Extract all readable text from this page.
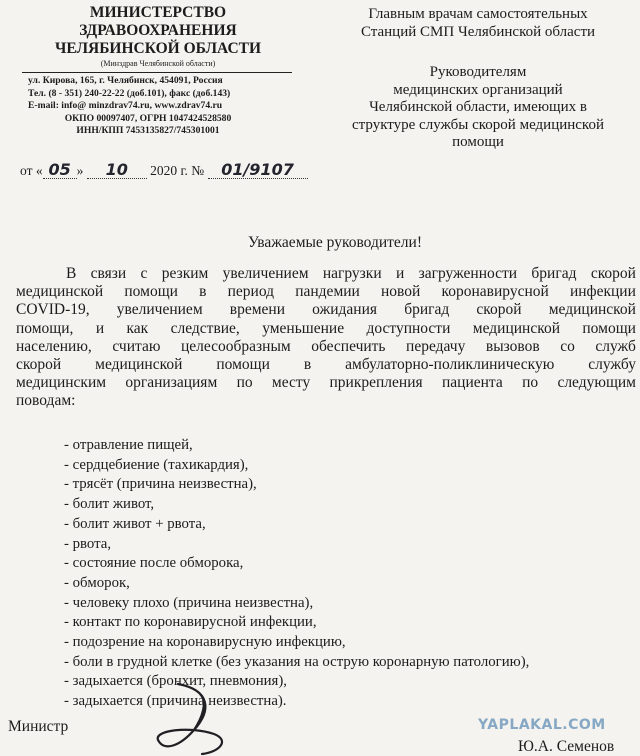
МИНИСТЕРСТВО
ЗДРАВООХРАНЕНИЯ
ЧЕЛЯБИНСКОЙ ОБЛАСТИ
(Минздрав Челябинской области)
ул. Кирова, 165, г. Челябинск, 454091, Россия
Тел. (8 - 351) 240-22-22 (доб.101), факс (доб.143)
E-mail: info@ minzdrav74.ru, www.zdrav74.ru
ОКПО 00097407, ОГРН 1047424528580
ИНН/КПП 7453135827/745301001
от « 05 » 10 2020 г. № 01/9107
Главным врачам самостоятельных
Станций СМП Челябинской области
Руководителям
медицинских организаций
Челябинской области, имеющих в
структуре службы скорой медицинской
помощи
Уважаемые руководители!
В связи с резким увеличением нагрузки и загруженности бригад скорой
медицинской помощи в период пандемии новой коронавирусной инфекции
COVID-19, увеличением времени ожидания бригад скорой медицинской
помощи, и как следствие, уменьшение доступности медицинской помощи
населению, считаю целесообразным обеспечить передачу вызовов со служб
скорой медицинской помощи в амбулаторно-поликлиническую службу
медицинским организациям по месту прикрепления пациента по следующим
поводам:
- отравление пищей,
- сердцебиение (тахикардия),
- трясёт (причина неизвестна),
- болит живот,
- болит живот + рвота,
- рвота,
- состояние после обморока,
- обморок,
- человеку плохо (причина неизвестна),
- контакт по коронавирусной инфекции,
- подозрение на коронавирусную инфекцию,
- боли в грудной клетке (без указания на острую коронарную патологию),
- задыхается (бронхит, пневмония),
- задыхается (причина неизвестна).
Министр	YAPLAKAL.COM
Ю.А. Семенов
